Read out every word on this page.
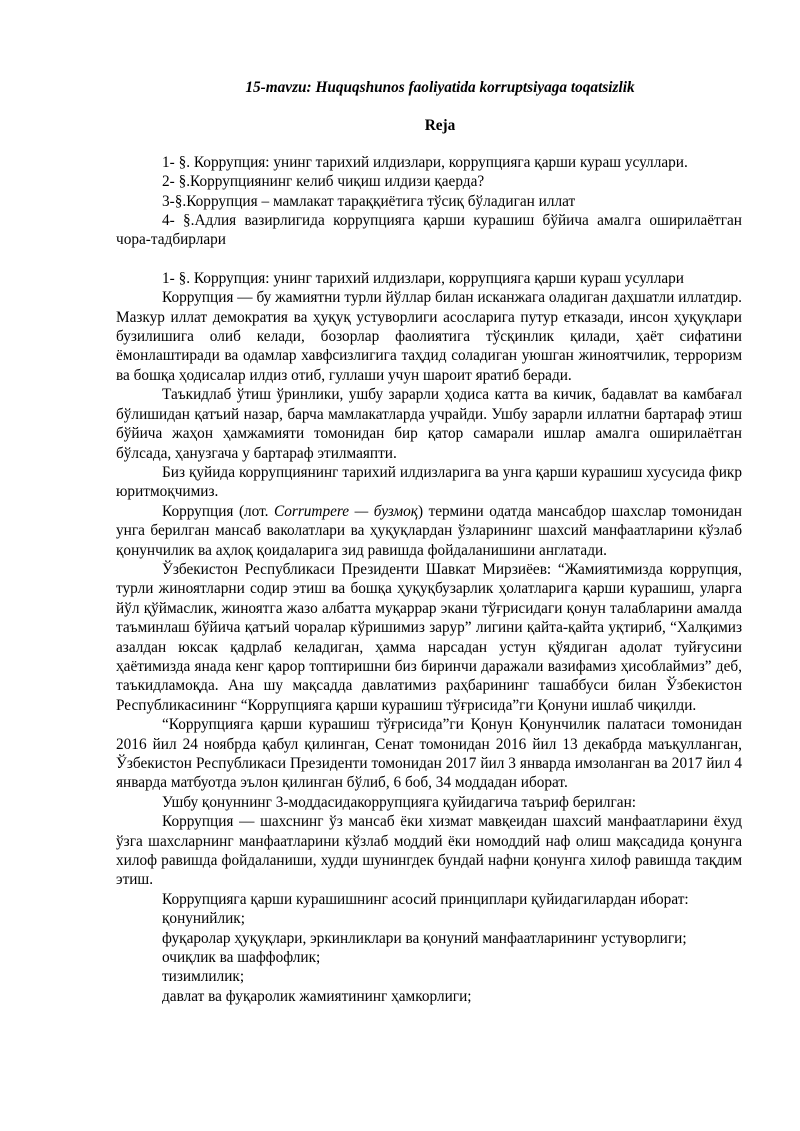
15-mavzu: Huquqshunos faoliyatida korruptsiyaga toqatsizlik

Reja

1- §. Коррупция: унинг тарихий илдизлари, коррупцияга қарши кураш усуллари.

2- §.Коррупциянинг келиб чиқиш илдизи қаерда?

3-§.Коррупция – мамлакат тараққиётига тўсиқ бўладиган иллат

4- §.Адлия вазирлигида коррупцияга қарши курашиш бўйича амалга оширилаётган чора-тадбирлари

1- §. Коррупция: унинг тарихий илдизлари, коррупцияга қарши кураш усуллари

Коррупция — бу жамиятни турли йўллар билан исканжага оладиган даҳшатли иллатдир. Мазкур иллат демократия ва ҳуқуқ устуворлиги асосларига путур етказади, инсон ҳуқуқлари бузилишига олиб келади, бозорлар фаолиятига тўсқинлик қилади, ҳаёт сифатини ёмонлаштиради ва одамлар хавфсизлигига таҳдид соладиган уюшган жиноятчилик, терроризм ва бошқа ҳодисалар илдиз отиб, гуллаши учун шароит яратиб беради.

Таъкидлаб ўтиш ўринлики, ушбу зарарли ҳодиса катта ва кичик, бадавлат ва камбағал бўлишидан қатъий назар, барча мамлакатларда учрайди. Ушбу зарарли иллатни бартараф этиш бўйича жаҳон ҳамжамияти томонидан бир қатор самарали ишлар амалга оширилаётган бўлсада, ҳанузгача у бартараф этилмаяпти.

Биз қуйида коррупциянинг тарихий илдизларига ва унга қарши курашиш хусусида фикр юритмоқчимиз.

Коррупция (лот. Corrumpere — бузмоқ) термини одатда мансабдор шахслар томонидан унга берилган мансаб ваколатлари ва ҳуқуқлардан ўзларининг шахсий манфаатларини кўзлаб қонунчилик ва аҳлоқ қоидаларига зид равишда фойдаланишини англатади.

Ўзбекистон Республикаси Президенти Шавкат Мирзиёев: “Жамиятимизда коррупция, турли жиноятларни содир этиш ва бошқа ҳуқуқбузарлик ҳолатларига қарши курашиш, уларга йўл қўймаслик, жиноятга жазо албатта муқаррар экани тўғрисидаги қонун талабларини амалда таъминлаш бўйича қатъий чоралар кўришимиз зарур” лигини қайта-қайта уқтириб, “Халқимиз азалдан юксак қадрлаб келадиган, ҳамма нарсадан устун қўядиган адолат туйғусини ҳаётимизда янада кенг қарор топтиришни биз биринчи даражали вазифамиз ҳисоблаймиз” деб, таъкидламоқда. Ана шу мақсадда давлатимиз раҳбарининг ташаббуси билан Ўзбекистон Республикасининг “Коррупцияга қарши курашиш тўғрисида”ги Қонуни ишлаб чиқилди.

“Коррупцияга қарши курашиш тўғрисида”ги Қонун Қонунчилик палатаси томонидан 2016 йил 24 ноябрда қабул қилинган, Сенат томонидан 2016 йил 13 декабрда маъқулланган, Ўзбекистон Республикаси Президенти томонидан 2017 йил 3 январда имзоланган ва 2017 йил 4 январда матбуотда эълон қилинган бўлиб, 6 боб, 34 моддадан иборат.

Ушбу қонуннинг 3-моддасидакоррупцияга қуйидагича таъриф берилган:

Коррупция — шахснинг ўз мансаб ёки хизмат мавқеидан шахсий манфаатларини ёхуд ўзга шахсларнинг манфаатларини кўзлаб моддий ёки номоддий наф олиш мақсадида қонунга хилоф равишда фойдаланиши, худди шунингдек бундай нафни қонунга хилоф равишда тақдим этиш.

Коррупцияга қарши курашишнинг асосий принциплари қуйидагилардан иборат:

қонунийлик;

фуқаролар ҳуқуқлари, эркинликлари ва қонуний манфаатларининг устуворлиги;

очиқлик ва шаффофлик;

тизимлилик;

давлат ва фуқаролик жамиятининг ҳамкорлиги;
